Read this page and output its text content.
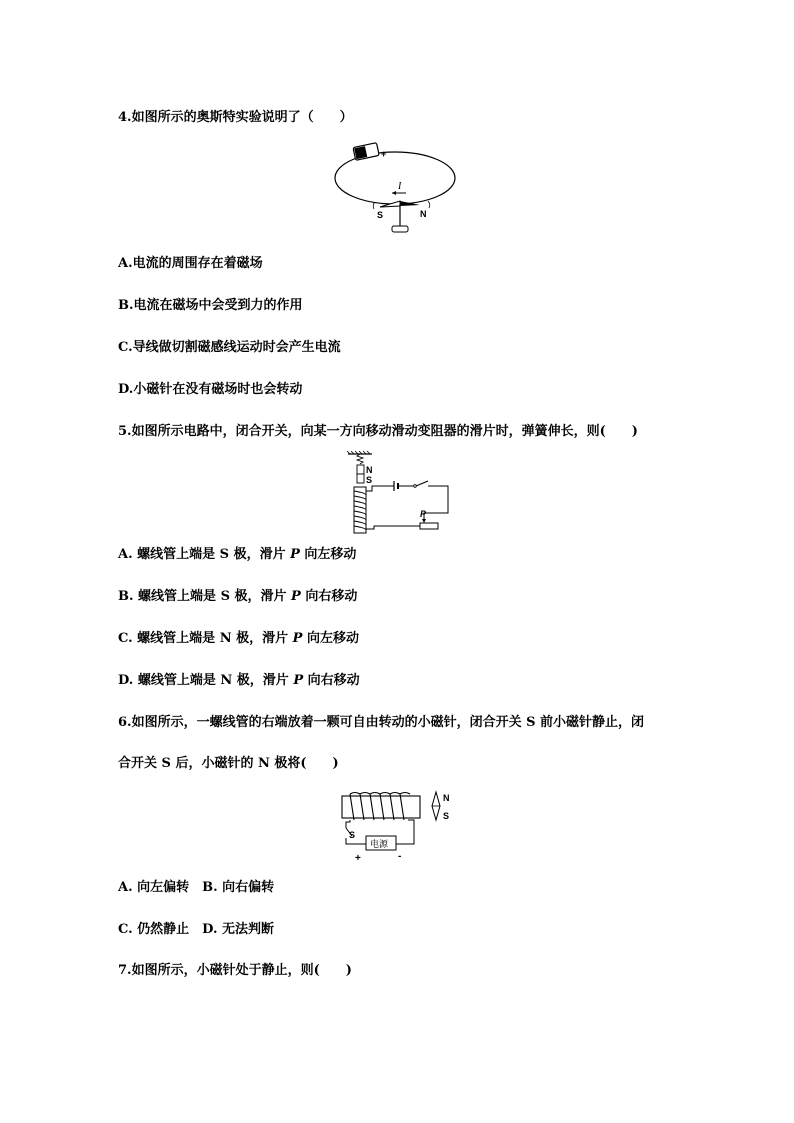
4.如图所示的奥斯特实验说明了（　　）
+
I
S	N
A.电流的周围存在着磁场
B.电流在磁场中会受到力的作用
C.导线做切割磁感线运动时会产生电流
D.小磁针在没有磁场时也会转动
5.如图所示电路中，闭合开关，向某一方向移动滑动变阻器的滑片时，弹簧伸长，则(　　)
N
S
P
A. 螺线管上端是 S 极，滑片 P 向左移动
B. 螺线管上端是 S 极，滑片 P 向右移动
C. 螺线管上端是 N 极，滑片 P 向左移动
D. 螺线管上端是 N 极，滑片 P 向右移动
6.如图所示，一螺线管的右端放着一颗可自由转动的小磁针，闭合开关 S 前小磁针静止，闭
合开关 S 后，小磁针的 N 极将(　　)
S
电源
+	-
N
S
A. 向左偏转　B. 向右偏转
C. 仍然静止　D. 无法判断
7.如图所示，小磁针处于静止，则(　　)
